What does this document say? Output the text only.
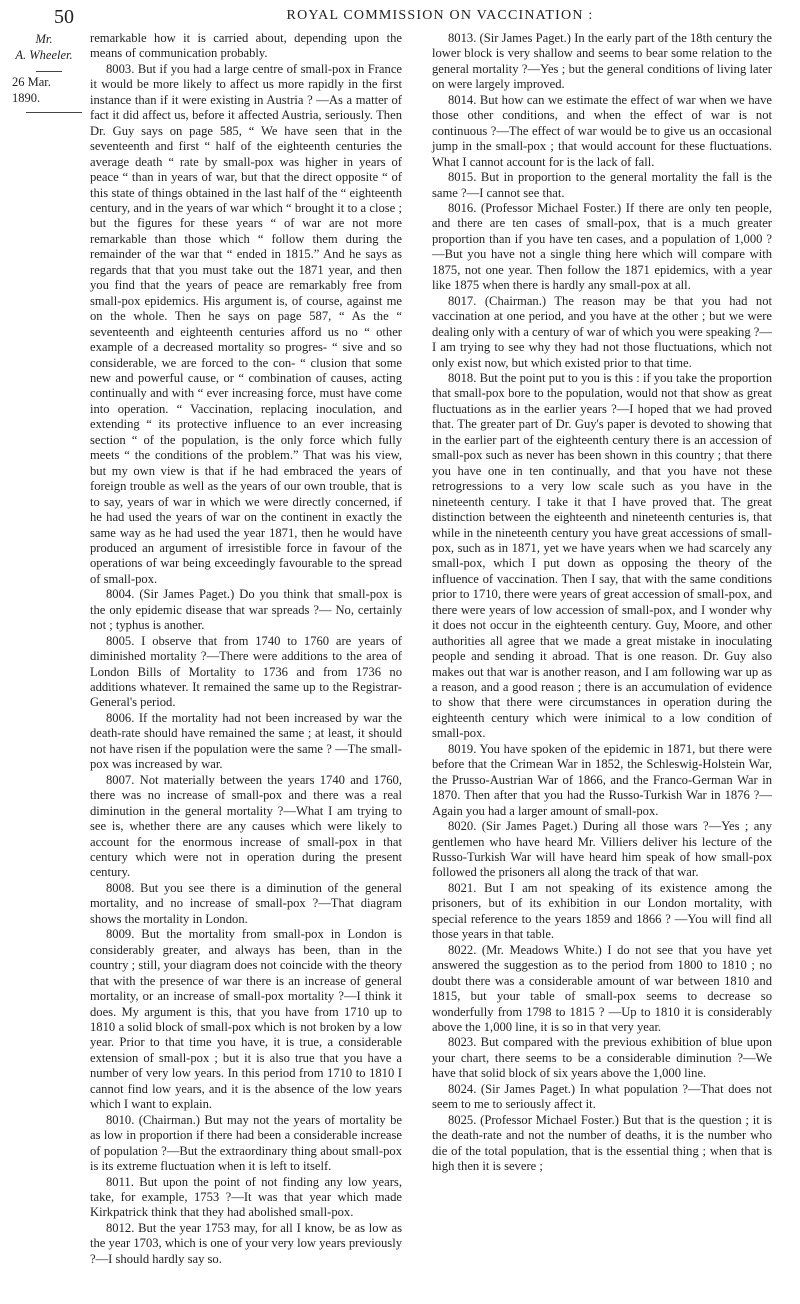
50	ROYAL COMMISSION ON VACCINATION :
Mr.
A. Wheeler.
26 Mar. 1890.

remarkable how it is carried about, depending upon the means of communication probably.

8003. But if you had a large centre of small-pox in France it would be more likely to affect us more rapidly in the first instance than if it were existing in Austria ? —As a matter of fact it did affect us, before it affected Austria, seriously. Then Dr. Guy says on page 585, “ We have seen that in the seventeenth and first “ half of the eighteenth centuries the average death “ rate by small-pox was higher in years of peace “ than in years of war, but that the direct opposite “ of this state of things obtained in the last half of the “ eighteenth century, and in the years of war which “ brought it to a close ; but the figures for these years “ of war are not more remarkable than those which “ follow them during the remainder of the war that “ ended in 1815.” And he says as regards that that you must take out the 1871 year, and then you find that the years of peace are remarkably free from small-pox epidemics. His argument is, of course, against me on the whole. Then he says on page 587, “ As the “ seventeenth and eighteenth centuries afford us no “ other example of a decreased mortality so progres- “ sive and so considerable, we are forced to the con- “ clusion that some new and powerful cause, or “ combination of causes, acting continually and with “ ever increasing force, must have come into operation. “ Vaccination, replacing inoculation, and extending “ its protective influence to an ever increasing section “ of the population, is the only force which fully meets “ the conditions of the problem.” That was his view, but my own view is that if he had embraced the years of foreign trouble as well as the years of our own trouble, that is to say, years of war in which we were directly concerned, if he had used the years of war on the continent in exactly the same way as he had used the year 1871, then he would have produced an argument of irresistible force in favour of the operations of war being exceedingly favourable to the spread of small-pox.

8004. (Sir James Paget.) Do you think that small-pox is the only epidemic disease that war spreads ?— No, certainly not ; typhus is another.

8005. I observe that from 1740 to 1760 are years of diminished mortality ?—There were additions to the area of London Bills of Mortality to 1736 and from 1736 no additions whatever. It remained the same up to the Registrar-General's period.

8006. If the mortality had not been increased by war the death-rate should have remained the same ; at least, it should not have risen if the population were the same ? —The small-pox was increased by war.

8007. Not materially between the years 1740 and 1760, there was no increase of small-pox and there was a real diminution in the general mortality ?—What I am trying to see is, whether there are any causes which were likely to account for the enormous increase of small-pox in that century which were not in operation during the present century.

8008. But you see there is a diminution of the general mortality, and no increase of small-pox ?—That diagram shows the mortality in London.

8009. But the mortality from small-pox in London is considerably greater, and always has been, than in the country ; still, your diagram does not coincide with the theory that with the presence of war there is an increase of general mortality, or an increase of small-pox mortality ?—I think it does. My argument is this, that you have from 1710 up to 1810 a solid block of small-pox which is not broken by a low year. Prior to that time you have, it is true, a considerable extension of small-pox ; but it is also true that you have a number of very low years. In this period from 1710 to 1810 I cannot find low years, and it is the absence of the low years which I want to explain.

8010. (Chairman.) But may not the years of mortality be as low in proportion if there had been a considerable increase of population ?—But the extraordinary thing about small-pox is its extreme fluctuation when it is left to itself.

8011. But upon the point of not finding any low years, take, for example, 1753 ?—It was that year which made Kirkpatrick think that they had abolished small-pox.

8012. But the year 1753 may, for all I know, be as low as the year 1703, which is one of your very low years previously ?—I should hardly say so.

8013. (Sir James Paget.) In the early part of the 18th century the lower block is very shallow and seems to bear some relation to the general mortality ?—Yes ; but the general conditions of living later on were largely improved.

8014. But how can we estimate the effect of war when we have those other conditions, and when the effect of war is not continuous ?—The effect of war would be to give us an occasional jump in the small-pox ; that would account for these fluctuations. What I cannot account for is the lack of fall.

8015. But in proportion to the general mortality the fall is the same ?—I cannot see that.

8016. (Professor Michael Foster.) If there are only ten people, and there are ten cases of small-pox, that is a much greater proportion than if you have ten cases, and a population of 1,000 ?—But you have not a single thing here which will compare with 1875, not one year. Then follow the 1871 epidemics, with a year like 1875 when there is hardly any small-pox at all.

8017. (Chairman.) The reason may be that you had not vaccination at one period, and you have at the other ; but we were dealing only with a century of war of which you were speaking ?—I am trying to see why they had not those fluctuations, which not only exist now, but which existed prior to that time.

8018. But the point put to you is this : if you take the proportion that small-pox bore to the population, would not that show as great fluctuations as in the earlier years ?—I hoped that we had proved that. The greater part of Dr. Guy's paper is devoted to showing that in the earlier part of the eighteenth century there is an accession of small-pox such as never has been shown in this country ; that there you have one in ten continually, and that you have not these retrogressions to a very low scale such as you have in the nineteenth century. I take it that I have proved that. The great distinction between the eighteenth and nineteenth centuries is, that while in the nineteenth century you have great accessions of small-pox, such as in 1871, yet we have years when we had scarcely any small-pox, which I put down as opposing the theory of the influence of vaccination. Then I say, that with the same conditions prior to 1710, there were years of great accession of small-pox, and there were years of low accession of small-pox, and I wonder why it does not occur in the eighteenth century. Guy, Moore, and other authorities all agree that we made a great mistake in inoculating people and sending it abroad. That is one reason. Dr. Guy also makes out that war is another reason, and I am following war up as a reason, and a good reason ; there is an accumulation of evidence to show that there were circumstances in operation during the eighteenth century which were inimical to a low condition of small-pox.

8019. You have spoken of the epidemic in 1871, but there were before that the Crimean War in 1852, the Schleswig-Holstein War, the Prusso-Austrian War of 1866, and the Franco-German War in 1870. Then after that you had the Russo-Turkish War in 1876 ?—Again you had a larger amount of small-pox.

8020. (Sir James Paget.) During all those wars ?—Yes ; any gentlemen who have heard Mr. Villiers deliver his lecture of the Russo-Turkish War will have heard him speak of how small-pox followed the prisoners all along the track of that war.

8021. But I am not speaking of its existence among the prisoners, but of its exhibition in our London mortality, with special reference to the years 1859 and 1866 ? —You will find all those years in that table.

8022. (Mr. Meadows White.) I do not see that you have yet answered the suggestion as to the period from 1800 to 1810 ; no doubt there was a considerable amount of war between 1810 and 1815, but your table of small-pox seems to decrease so wonderfully from 1798 to 1815 ? —Up to 1810 it is considerably above the 1,000 line, it is so in that very year.

8023. But compared with the previous exhibition of blue upon your chart, there seems to be a considerable diminution ?—We have that solid block of six years above the 1,000 line.

8024. (Sir James Paget.) In what population ?—That does not seem to me to seriously affect it.

8025. (Professor Michael Foster.) But that is the question ; it is the death-rate and not the number of deaths, it is the number who die of the total population, that is the essential thing ; when that is high then it is severe ;
